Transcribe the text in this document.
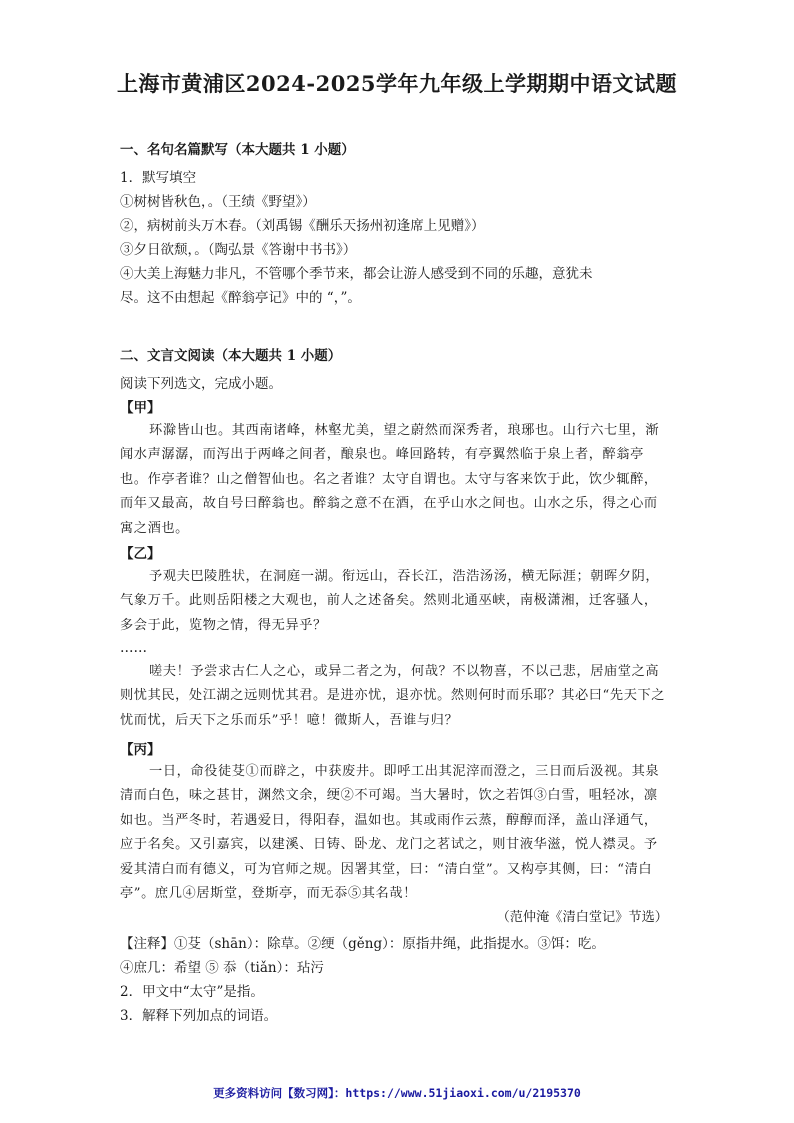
上海市黄浦区2024-2025学年九年级上学期期中语文试题
一、名句名篇默写（本大题共 1 小题）
1．默写填空
①树树皆秋色，。（王绩《野望》）
②，病树前头万木春。（刘禹锡《酬乐天扬州初逢席上见赠》）
③夕日欲颓，。（陶弘景《答谢中书书》）
④大美上海魅力非凡，不管哪个季节来，都会让游人感受到不同的乐趣，意犹未
尽。这不由想起《醉翁亭记》中的 “，”。
二、文言文阅读（本大题共 1 小题）
阅读下列选文，完成小题。
【甲】
环滁皆山也。其西南诸峰，林壑尤美，望之蔚然而深秀者，琅琊也。山行六七里，渐闻水声潺潺，而泻出于两峰之间者，酿泉也。峰回路转，有亭翼然临于泉上者，醉翁亭也。作亭者谁？山之僧智仙也。名之者谁？太守自谓也。太守与客来饮于此，饮少辄醉，而年又最高，故自号曰醉翁也。醉翁之意不在酒，在乎山水之间也。山水之乐，得之心而寓之酒也。
【乙】
予观夫巴陵胜状，在洞庭一湖。衔远山，吞长江，浩浩汤汤，横无际涯；朝晖夕阴，气象万千。此则岳阳楼之大观也，前人之述备矣。然则北通巫峡，南极潇湘，迁客骚人，多会于此，览物之情，得无异乎？
……
嗟夫！予尝求古仁人之心，或异二者之为，何哉？不以物喜，不以己悲，居庙堂之高则忧其民，处江湖之远则忧其君。是进亦忧，退亦忧。然则何时而乐耶？其必曰“先天下之忧而忧，后天下之乐而乐”乎！噫！微斯人，吾谁与归？
【丙】
一日，命役徒芟①而辟之，中获废井。即呼工出其泥滓而澄之，三日而后汲视。其泉清而白色，味之甚甘，渊然文余，绠②不可竭。当大暑时，饮之若饵③白雪，咀轻冰，凛如也。当严冬时，若遇爱日，得阳春，温如也。其或雨作云蒸，醇醇而泽，盖山泽通气，应于名矣。又引嘉宾，以建溪、日铸、卧龙、龙门之茗试之，则甘液华滋，悦人襟灵。予爱其清白而有德义，可为官师之规。因署其堂，曰：“清白堂”。又构亭其侧，曰：“清白亭”。庶几④居斯堂，登斯亭，而无忝⑤其名哉！
（范仲淹《清白堂记》节选）
【注释】①芟（shān）：除草。②绠（gěng）：原指井绳，此指提水。③饵：吃。
④庶几：希望 ⑤ 忝（tiǎn）：玷污
2．甲文中“太守”是指。
3．解释下列加点的词语。
更多资料访问【数习网】：https://www.51jiaoxi.com/u/2195370
